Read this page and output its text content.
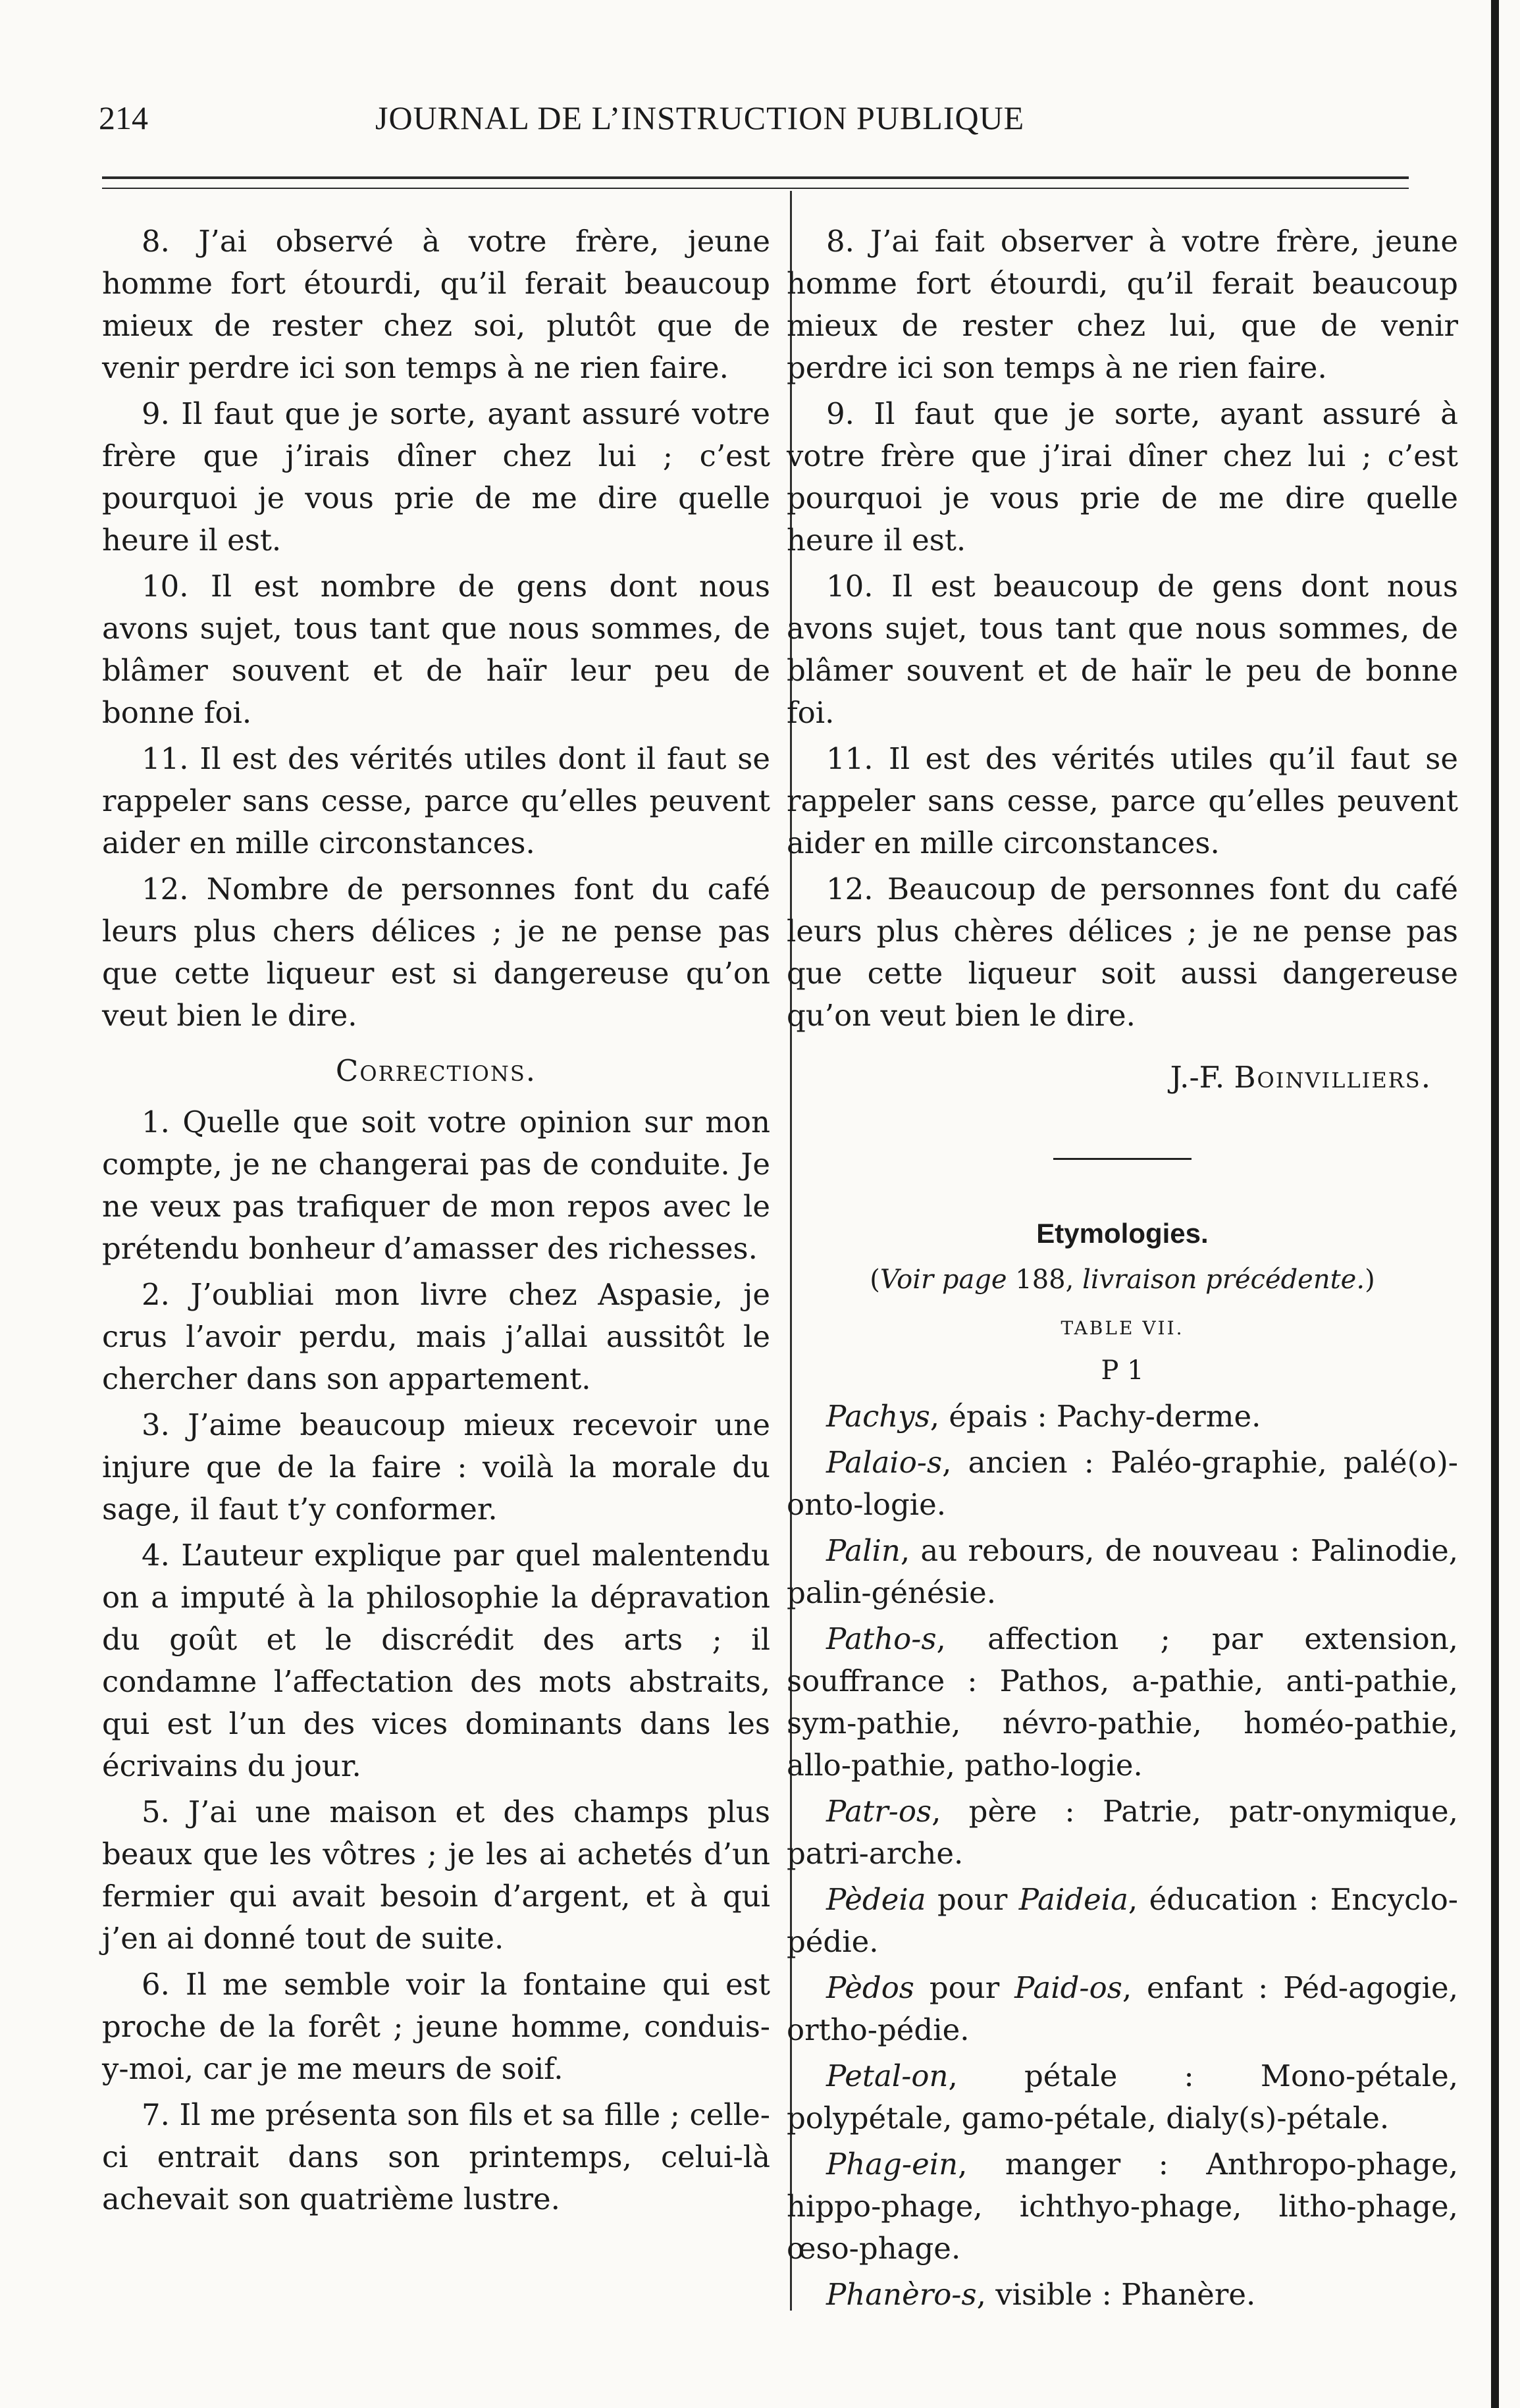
214	JOURNAL DE L’INSTRUCTION PUBLIQUE

8. J’ai observé à votre frère, jeune homme fort étourdi, qu’il ferait beaucoup mieux de rester chez soi, plutôt que de venir perdre ici son temps à ne rien faire.

9. Il faut que je sorte, ayant assuré votre frère que j’irais dîner chez lui ; c’est pourquoi je vous prie de me dire quelle heure il est.

10. Il est nombre de gens dont nous avons sujet, tous tant que nous sommes, de blâmer souvent et de haïr leur peu de bonne foi.

11. Il est des vérités utiles dont il faut se rappeler sans cesse, parce qu’elles peuvent aider en mille circonstances.

12. Nombre de personnes font du café leurs plus chers délices ; je ne pense pas que cette liqueur est si dangereuse qu’on veut bien le dire.

Corrections.

1. Quelle que soit votre opinion sur mon compte, je ne changerai pas de conduite. Je ne veux pas trafiquer de mon repos avec le prétendu bonheur d’amasser des richesses.

2. J’oubliai mon livre chez Aspasie, je crus l’avoir perdu, mais j’allai aussitôt le chercher dans son appartement.

3. J’aime beaucoup mieux recevoir une injure que de la faire : voilà la morale du sage, il faut t’y conformer.

4. L’auteur explique par quel malentendu on a imputé à la philosophie la dépravation du goût et le discrédit des arts ; il condamne l’affectation des mots abstraits, qui est l’un des vices dominants dans les écrivains du jour.

5. J’ai une maison et des champs plus beaux que les vôtres ; je les ai achetés d’un fermier qui avait besoin d’argent, et à qui j’en ai donné tout de suite.

6. Il me semble voir la fontaine qui est proche de la forêt ; jeune homme, conduis-y-moi, car je me meurs de soif.

7. Il me présenta son fils et sa fille ; celle-ci entrait dans son printemps, celui-là achevait son quatrième lustre.

8. J’ai fait observer à votre frère, jeune homme fort étourdi, qu’il ferait beaucoup mieux de rester chez lui, que de venir perdre ici son temps à ne rien faire.

9. Il faut que je sorte, ayant assuré à votre frère que j’irai dîner chez lui ; c’est pourquoi je vous prie de me dire quelle heure il est.

10. Il est beaucoup de gens dont nous avons sujet, tous tant que nous sommes, de blâmer souvent et de haïr le peu de bonne foi.

11. Il est des vérités utiles qu’il faut se rappeler sans cesse, parce qu’elles peuvent aider en mille circonstances.

12. Beaucoup de personnes font du café leurs plus chères délices ; je ne pense pas que cette liqueur soit aussi dangereuse qu’on veut bien le dire.

J.-F. Boinvilliers.

Etymologies.

(Voir page 188, livraison précédente.)

TABLE VII.

P 1

Pachys, épais : Pachy-derme.

Palaio-s, ancien : Paléo-graphie, palé(o)-onto-logie.

Palin, au rebours, de nouveau : Palinodie, palin-génésie.

Patho-s, affection ; par extension, souffrance : Pathos, a-pathie, anti-pathie, sym-pathie, névro-pathie, homéo-pathie, allo-pathie, patho-logie.

Patr-os, père : Patrie, patr-onymique, patri-arche.

Pèdeia pour Paideia, éducation : Encyclo-pédie.

Pèdos pour Paid-os, enfant : Péd-agogie, ortho-pédie.

Petal-on, pétale : Mono-pétale, polypétale, gamo-pétale, dialy(s)-pétale.

Phag-ein, manger : Anthropo-phage, hippo-phage, ichthyo-phage, litho-phage, œso-phage.

Phanèro-s, visible : Phanère.
